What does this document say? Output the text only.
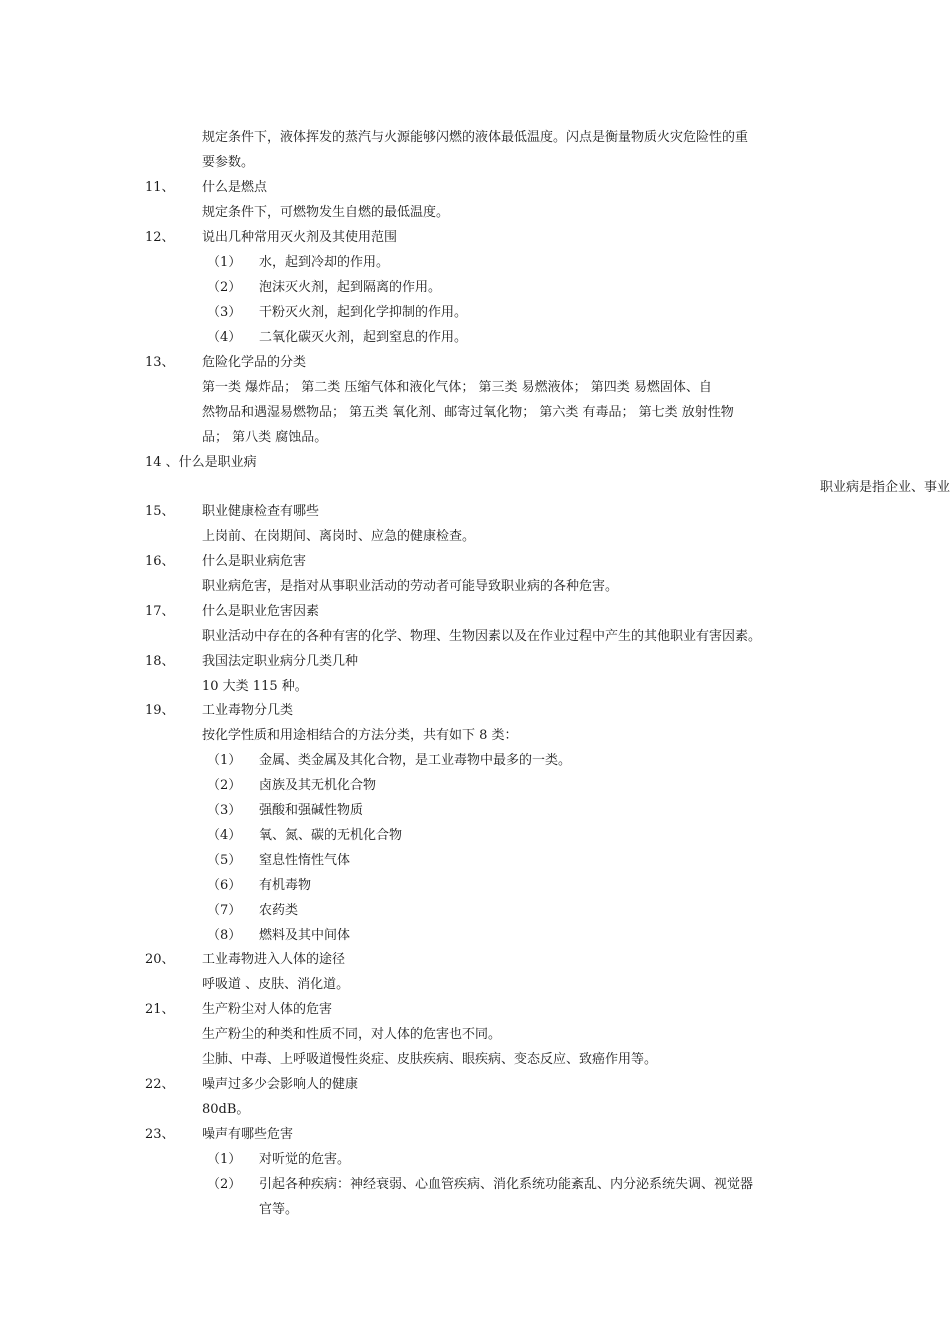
规定条件下，液体挥发的蒸汽与火源能够闪燃的液体最低温度。闪点是衡量物质火灾危险性的重
要参数。
11、 什么是燃点
规定条件下，可燃物发生自燃的最低温度。
12、 说出几种常用灭火剂及其使用范围
（1） 水，起到冷却的作用。
（2） 泡沫灭火剂，起到隔离的作用。
（3） 干粉灭火剂，起到化学抑制的作用。
（4） 二氧化碳灭火剂，起到窒息的作用。
13、 危险化学品的分类
第一类 爆炸品； 第二类 压缩气体和液化气体； 第三类 易燃液体； 第四类 易燃固体、自
然物品和遇湿易燃物品； 第五类 氧化剂、邮寄过氧化物； 第六类 有毒品； 第七类 放射性物
品； 第八类 腐蚀品。
14 、什么是职业病
职业病是指企业、事业
15、 职业健康检查有哪些
上岗前、在岗期间、离岗时、应急的健康检查。
16、 什么是职业病危害
职业病危害，是指对从事职业活动的劳动者可能导致职业病的各种危害。
17、 什么是职业危害因素
职业活动中存在的各种有害的化学、物理、生物因素以及在作业过程中产生的其他职业有害因素。
18、 我国法定职业病分几类几种
10 大类 115 种。
19、 工业毒物分几类
按化学性质和用途相结合的方法分类，共有如下 8 类：
（1） 金属、类金属及其化合物，是工业毒物中最多的一类。
（2） 卤族及其无机化合物
（3） 强酸和强碱性物质
（4） 氧、氮、碳的无机化合物
（5） 窒息性惰性气体
（6） 有机毒物
（7） 农药类
（8） 燃料及其中间体
20、 工业毒物进入人体的途径
呼吸道 、皮肤、消化道。
21、 生产粉尘对人体的危害
生产粉尘的种类和性质不同，对人体的危害也不同。
尘肺、中毒、上呼吸道慢性炎症、皮肤疾病、眼疾病、变态反应、致癌作用等。
22、 噪声过多少会影响人的健康
80dB。
23、 噪声有哪些危害
（1） 对听觉的危害。
（2） 引起各种疾病：神经衰弱、心血管疾病、消化系统功能紊乱、内分泌系统失调、视觉器
官等。
